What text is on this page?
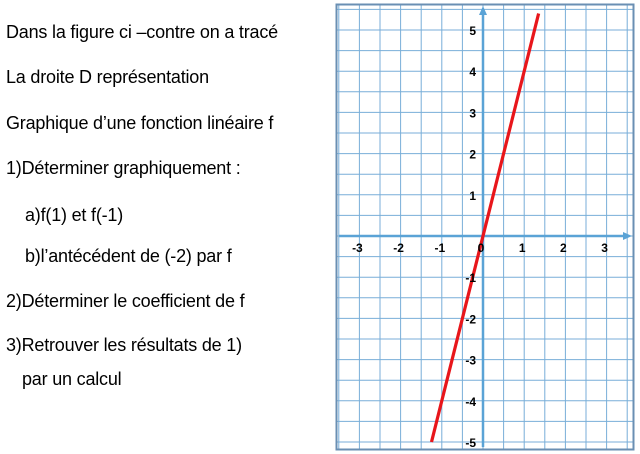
Dans la figure ci –contre on a tracé
La droite D représentation
Graphique d’une fonction linéaire f
1)Déterminer graphiquement :
a)f(1) et f(-1)
b)l’antécédent de (-2) par f
2)Déterminer le coefficient de f
3)Retrouver les résultats de 1)
par un calcul
-3	-2	-1	0	1	2	3
5
4
3
2
1
-1
-2
-3
-4
-5
